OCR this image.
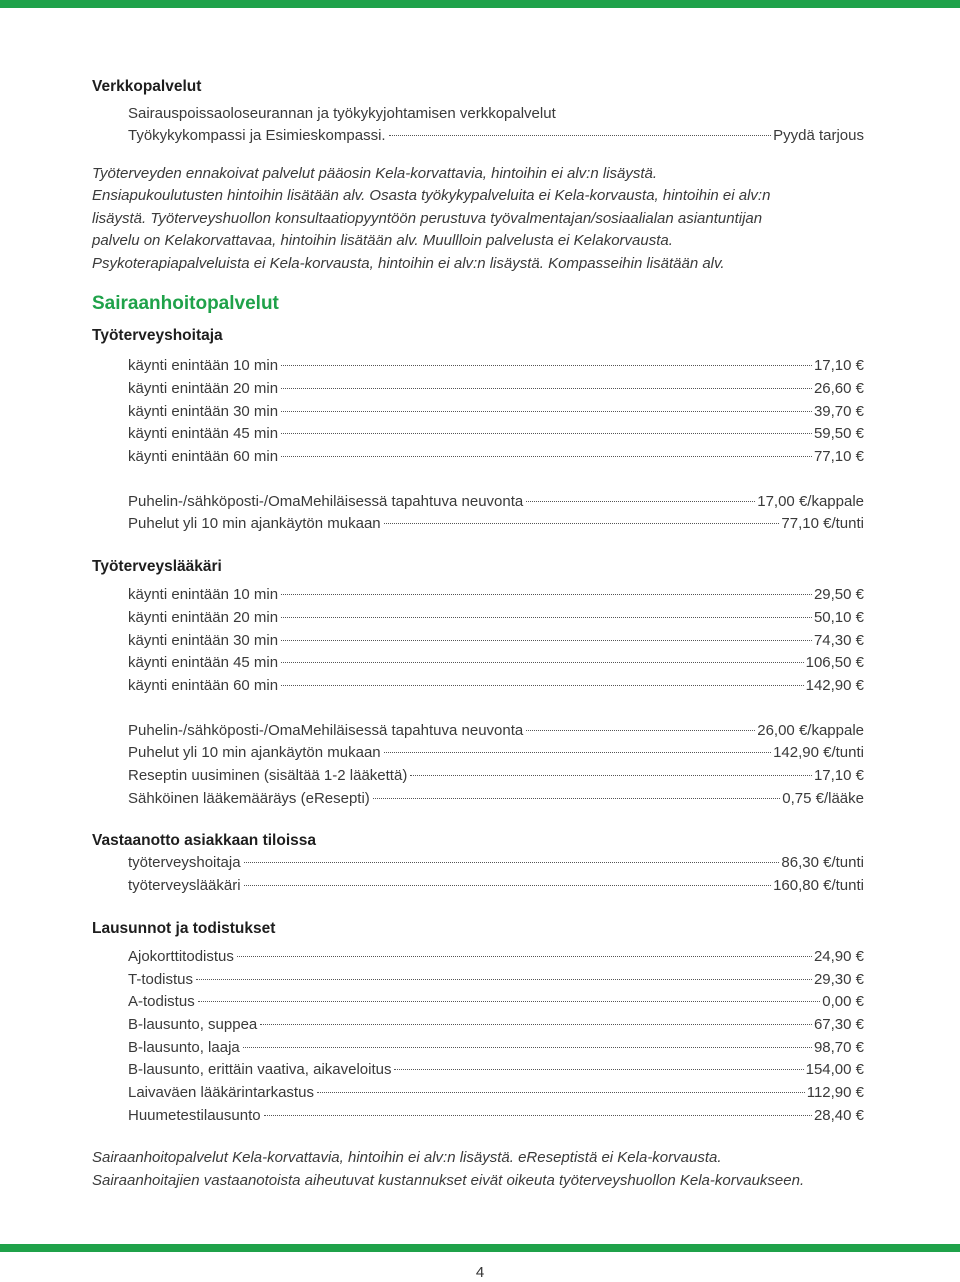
Verkkopalvelut
Sairauspoissaoloseurannan ja työkykyjohtamisen verkkopalvelut
Työkykykompassi ja Esimieskompassi.	Pyydä tarjous
Työterveyden ennakoivat palvelut pääosin Kela-korvattavia, hintoihin ei alv:n lisäystä.
Ensiapukoulutusten hintoihin lisätään alv. Osasta työkykypalveluita ei Kela-korvausta, hintoihin ei alv:n
lisäystä. Työterveyshuollon konsultaatiopyyntöön perustuva työvalmentajan/sosiaalialan asiantuntijan
palvelu on Kelakorvattavaa, hintoihin lisätään alv. Muullloin palvelusta ei Kelakorvausta.
Psykoterapiapalveluista ei Kela-korvausta, hintoihin ei alv:n lisäystä. Kompasseihin lisätään alv.
Sairaanhoitopalvelut
Työterveyshoitaja
käynti enintään 10 min	17,10 €
käynti enintään 20 min	26,60 €
käynti enintään 30 min	39,70 €
käynti enintään 45 min	59,50 €
käynti enintään 60 min	77,10 €
Puhelin-/sähköposti-/OmaMehiläisessä tapahtuva neuvonta	17,00 €/kappale
Puhelut yli 10 min ajankäytön mukaan	77,10 €/tunti
Työterveyslääkäri
käynti enintään 10 min	29,50 €
käynti enintään 20 min	50,10 €
käynti enintään 30 min	74,30 €
käynti enintään 45 min	106,50 €
käynti enintään 60 min	142,90 €
Puhelin-/sähköposti-/OmaMehiläisessä tapahtuva neuvonta	26,00 €/kappale
Puhelut yli 10 min ajankäytön mukaan	142,90 €/tunti
Reseptin uusiminen (sisältää 1-2 lääkettä)	17,10 €
Sähköinen lääkemääräys (eResepti)	0,75 €/lääke
Vastaanotto asiakkaan tiloissa
työterveyshoitaja	86,30 €/tunti
työterveyslääkäri	160,80 €/tunti
Lausunnot ja todistukset
Ajokorttitodistus	24,90 €
T-todistus	29,30 €
A-todistus	0,00 €
B-lausunto, suppea	67,30 €
B-lausunto, laaja	98,70 €
B-lausunto, erittäin vaativa, aikaveloitus	154,00 €
Laivaväen lääkärintarkastus	112,90 €
Huumetestilausunto	28,40 €
Sairaanhoitopalvelut Kela-korvattavia, hintoihin ei alv:n lisäystä. eReseptistä ei Kela-korvausta.
Sairaanhoitajien vastaanotoista aiheutuvat kustannukset eivät oikeuta työterveyshuollon Kela-korvaukseen.
4
